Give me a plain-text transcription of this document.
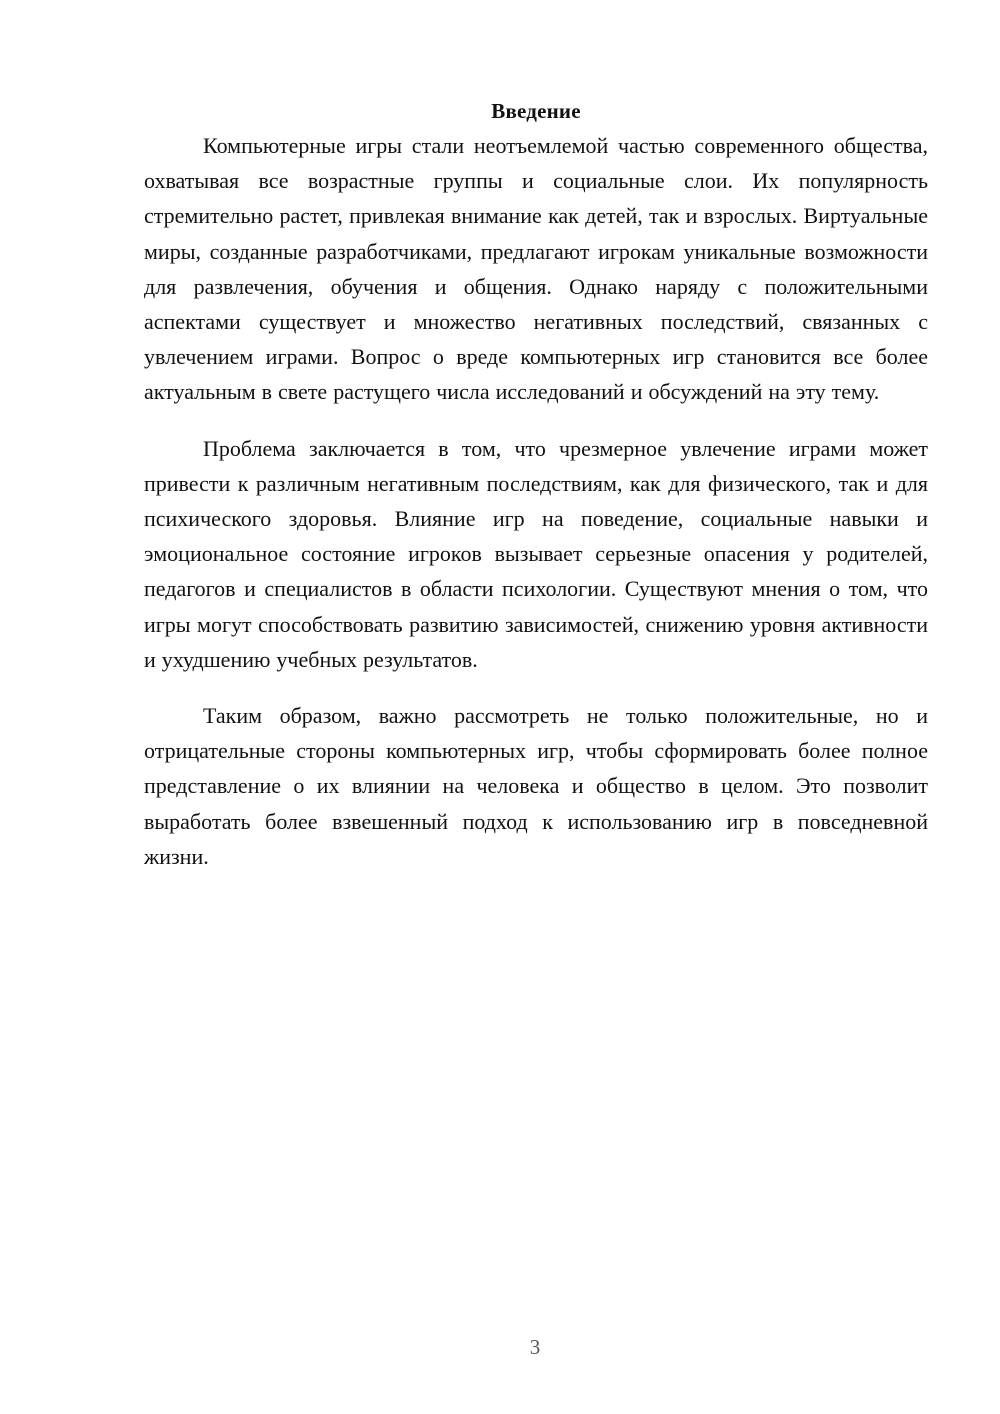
Введение

Компьютерные игры стали неотъемлемой частью современного общества, охватывая все возрастные группы и социальные слои. Их популярность стремительно растет, привлекая внимание как детей, так и взрослых. Виртуальные миры, созданные разработчиками, предлагают игрокам уникальные возможности для развлечения, обучения и общения. Однако наряду с положительными аспектами существует и множество негативных последствий, связанных с увлечением играми. Вопрос о вреде компьютерных игр становится все более актуальным в свете растущего числа исследований и обсуждений на эту тему.

Проблема заключается в том, что чрезмерное увлечение играми может привести к различным негативным последствиям, как для физического, так и для психического здоровья. Влияние игр на поведение, социальные навыки и эмоциональное состояние игроков вызывает серьезные опасения у родителей, педагогов и специалистов в области психологии. Существуют мнения о том, что игры могут способствовать развитию зависимостей, снижению уровня активности и ухудшению учебных результатов.

Таким образом, важно рассмотреть не только положительные, но и отрицательные стороны компьютерных игр, чтобы сформировать более полное представление о их влиянии на человека и общество в целом. Это позволит выработать более взвешенный подход к использованию игр в повседневной жизни.

3
